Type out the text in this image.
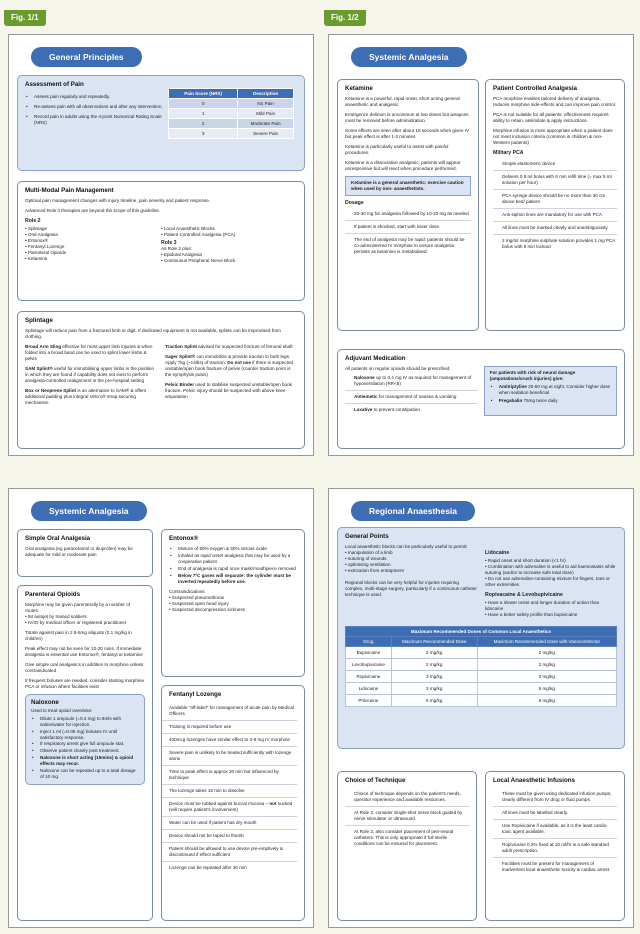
Fig. 1/1
General Principles
Assessment of Pain
• Assess pain regularly and repeatedly.
• Re-assess pain with all observations and after any intervention.
• Record pain in adults using the 4-point Numerical Rating Scale (NRS)
Pain Score (NRS)	Description
0	No Pain
1	Mild Pain
2	Moderate Pain
3	Severe Pain
Multi-Modal Pain Management

Optimal pain management changes with injury timeline, pain severity and patient response.

Advanced Role 4 therapies are beyond the scope of this guideline.

Role 2
• Splintage
• Oral Analgesia
• Entonox®
• Fentanyl Lozenge
• Parenteral Opioids
• Ketamine
• Local Anaesthetic Blocks
• Patient Controlled Analgesia (PCA)
Role 3

As Role 2 plus:

• Epidural Analgesia
• Continuous Peripheral Nerve Block
Splintage

Splintage will reduce pain from a fractured limb or digit. If dedicated equipment is not available, splints can be improvised from clothing.

Broad Arm Sling effective for most upper limb injuries & when folded into a broad band can be used to splint lower limbs & pelvis

SAM Splint® useful for immobilising upper limbs in the position in which they are found if capability does not exist to perform analgesia-controlled realignment in the pre-hospital setting

Box or Neoprene Splint is an alternative to SAM® & offers additional padding plus integral Velcro® strap securing mechanism

Traction Splint advised for suspected fracture of femoral shaft

Sager Splint® can immobilize & provide traction to both legs. Apply 7kg (~14lbs) of traction. Do not use if there is suspected unstable/open book fracture of pelvis (counter traction point is the symphysis pubis)

Pelvic Binder used to stabilise suspected unstable/open book fracture. Pelvic injury should be suspected with above knee amputation

Systemic Analgesia
Simple Oral Analgesia

Oral analgesia (eg paracetamol or ibuprofen) may be adequate for mild or moderate pain

Parenteral Opioids

Morphine may be given parenterally by a number of routes:

• IM autojet by trained soldiers
• IV/IO by medical officer or registered practitioner

Titrate against pain in 2.5-5mg aliquots (0.1 mg/kg in children)

Peak effect may not be seen for 10-20 mins. If immediate analgesia is essential use Entonox®, fentanyl or ketamine

Give simple oral analgesics in addition to morphine unless contraindicated

If frequent boluses are needed, consider starting morphine PCA or infusion where facilities exist

Naloxone

Used to treat opioid overdose:

• Dilute 1 ampoule (=0.4 mg) to 8mls with saline/water for injection.
• Inject 1 ml (=0.05 mg) boluses IV until satisfactory response.
• If respiratory arrest give full ampoule stat.
• Observe patient closely post treatment.
• Naloxone is short acting (15mins) & opioid effects may recur.
• Naloxone can be repeated up to a total dosage of 10 mg.
Entonox®
• Mixture of 50% oxygen & 50% nitrous oxide.
• Inhaled as rapid onset analgesic that may be used by a cooperative patient
• End of analgesia is rapid once mask/mouthpiece removed
• Below 7ºC gases will separate: the cylinder must be inverted repeatedly before use.

Contraindications

• Suspected pneumothorax
• Suspected open head injury
• Suspected decompression sickness
Fentanyl Lozenge
Available "off-label" for management of acute pain by Medical Officers
Training is required before use
400mcg lozenges have similar effect to 4-8 mg IV morphine
Severe pain is unlikely to be treated sufficiently with lozenge alone
Time to peak effect is approx 20 min but influenced by technique
The lozenge takes 15 min to dissolve
Device must be rubbed against buccal mucosa – not sucked (will require patient's involvement)
Water can be used if patient has dry mouth
Device should not be taped to thumb
Patient should be allowed to use device pre-emptively & discontinued if effect sufficient
Lozenge can be repeated after 30 min
Fig. 1/2
Systemic Analgesia
Ketamine

Ketamine is a powerful, rapid onset, short acting general anaesthetic and analgesic.

Emergence delirium is uncommon at low doses but weapons must be removed before administration.

Some effects are seen after about 15 seconds when given IV but peak effect is after 1-2 minutes.

Ketamine is particularly useful to assist with painful procedures.

Ketamine is a dissociative analgesic: patients will appear unresponsive but will react when procedure performed.

Ketamine is a general anaesthetic: exercise caution when used by non- anaesthetists.
Dosage
20-30 mg for analgesia followed by 10-20 mg as needed
If patient is shocked, start with lower dose
The end of analgesia may be rapid: patients should be co-administered IV morphine to ensure analgesia persists as ketamine is metabolised.
Patient Controlled Analgesia

PCA morphine enables tailored delivery of analgesia, reduces morphine side-effects and can improve pain control.

PCA is not suitable for all patients: effectiveness requires ability to retain, assimilate & apply instructions.

Morphine infusion is more appropriate when a patient does not meet inclusion criteria (common in children & non-Western patients)

Military PCA
Simple elastomeric device
Delivers 0.5 ml bolus with 6 min refill time (= max 5 ml solution per hour)
PCA syringe device should be no more than 30 cm above bed/ patient
Anti-siphon lines are mandatory for use with PCA
All lines must be marked clearly and unambiguously
2 mg/ml morphine sulphate solution provides 1 mg PCA bolus with 6 min lockout
Adjuvant Medication

All patients on regular opioids should be prescribed:

Naloxone up to 0.4 mg IV as required for management of hypoventilation (RR<8)
Antiemetic for management of nausea & vomiting
Laxative to prevent constipation

For patients with risk of neural damage (amputations/crush injuries) give:

• Amitriptyline 25-50 mg at night. Consider higher dose when sedation beneficial
• Pregabalin 75mg twice daily
Regional Anaesthesia
General Points

Local anaesthetic blocks can be particularly useful to permit:

• manipulation of a limb
• suturing of wounds
• optimising ventilation
• extrication from entrapment

Regional blocks can be very helpful for injuries requiring complex, multi-stage surgery, particularly if a continuous catheter technique is used.

Lidocaine
• Rapid onset and short duration (<1 hr)
• Combination with adrenaline is useful to aid haemostasis while suturing (and/or to increase safe total dose)
• Do not use adrenaline-containing mixture for fingers, toes or other extremities
Ropivacaine & Levobupivicaine
• Have a slower onset and longer duration of action than lidocaine
• Have a better safety profile than bupivicaine
Maximum Recommended Doses of Common Local Anaesthetics		
Drug	Maximum Recommended Dose	Maximum Recommended Dose with Vasoconstrictor
Bupivicaine	2 mg/kg	2 mg/kg
Levobupivicaine	2 mg/kg	2 mg/kg
Ropivicaine	3 mg/kg	3 mg/kg
Lidocaine	3 mg/kg	6 mg/kg
Prilocaine	6 mg/kg	8 mg/kg
Choice of Technique
Choice of technique depends on the patient's needs, operator experience and available resources.
At Role 2, consider single-shot nerve block guided by nerve stimulator or ultrasound.
At Role 3, also consider placement of peri-neural catheters. This is only appropriate if full sterile conditions can be ensured for placement.
Local Anaesthetic Infusions
These must be given using dedicated infusion pumps, clearly different from IV drug or fluid pumps.
All lines must be labelled clearly.
Use Ropivicaine if available, as it is the least cardio-toxic agent available.
Ropivicaine 0.2% fixed at 10 ml/hr is a safe standard adult prescription.
Facilities must be present for management of inadvertent local anaesthetic toxicity & cardiac arrest.
